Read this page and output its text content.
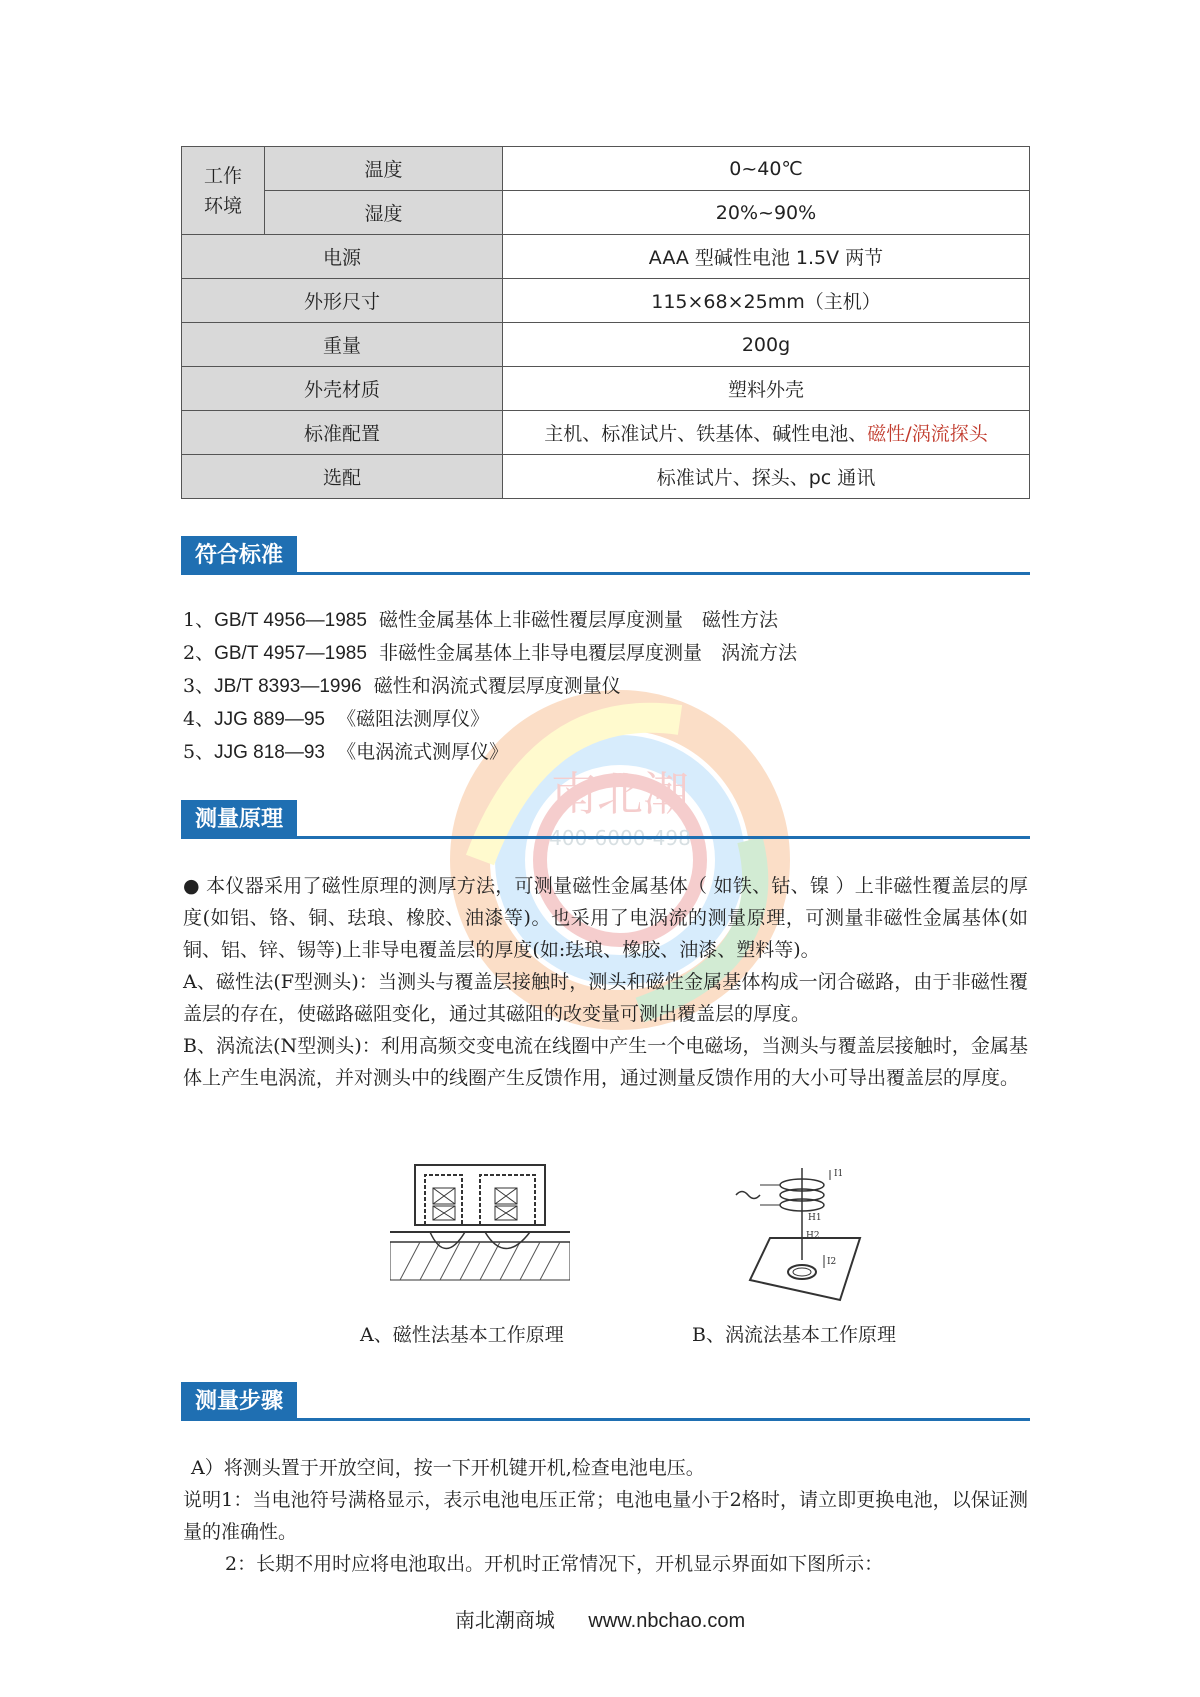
南北潮
400-6000-498
工作
环境	温度	0~40℃
	湿度	20%~90%
电源		AAA 型碱性电池 1.5V 两节
外形尺寸		115×68×25mm（主机）
重量		200g
外壳材质		塑料外壳
标准配置		主机、标准试片、铁基体、碱性电池、磁性/涡流探头
选配		标准试片、探头、pc 通讯
符合标准
1、GB/T 4956—1985 磁性金属基体上非磁性覆层厚度测量　磁性方法
2、GB/T 4957—1985 非磁性金属基体上非导电覆层厚度测量　涡流方法
3、JB/T 8393—1996 磁性和涡流式覆层厚度测量仪
4、JJG 889—95 《磁阻法测厚仪》
5、JJG 818—93 《电涡流式测厚仪》
测量原理
● 本仪器采用了磁性原理的测厚方法，可测量磁性金属基体（ 如铁、钴、镍 ）上非磁性覆盖层的厚度(如铝、铬、铜、珐琅、橡胶、油漆等)。也采用了电涡流的测量原理，可测量非磁性金属基体(如铜、铝、锌、锡等)上非导电覆盖层的厚度(如:珐琅、橡胶、油漆、塑料等)。
A、磁性法(F型测头)：当测头与覆盖层接触时，测头和磁性金属基体构成一闭合磁路，由于非磁性覆盖层的存在，使磁路磁阻变化，通过其磁阻的改变量可测出覆盖层的厚度。
B、涡流法(N型测头)：利用高频交变电流在线圈中产生一个电磁场，当测头与覆盖层接触时，金属基体上产生电涡流，并对测头中的线圈产生反馈作用，通过测量反馈作用的大小可导出覆盖层的厚度。
A、磁性法基本工作原理
I1
H1
H2
I2
B、涡流法基本工作原理
测量步骤
A）将测头置于开放空间，按一下开机键开机,检查电池电压。
说明1：当电池符号满格显示，表示电池电压正常；电池电量小于2格时，请立即更换电池，以保证测量的准确性。
2：长期不用时应将电池取出。开机时正常情况下，开机显示界面如下图所示：
南北潮商城 www.nbchao.com
